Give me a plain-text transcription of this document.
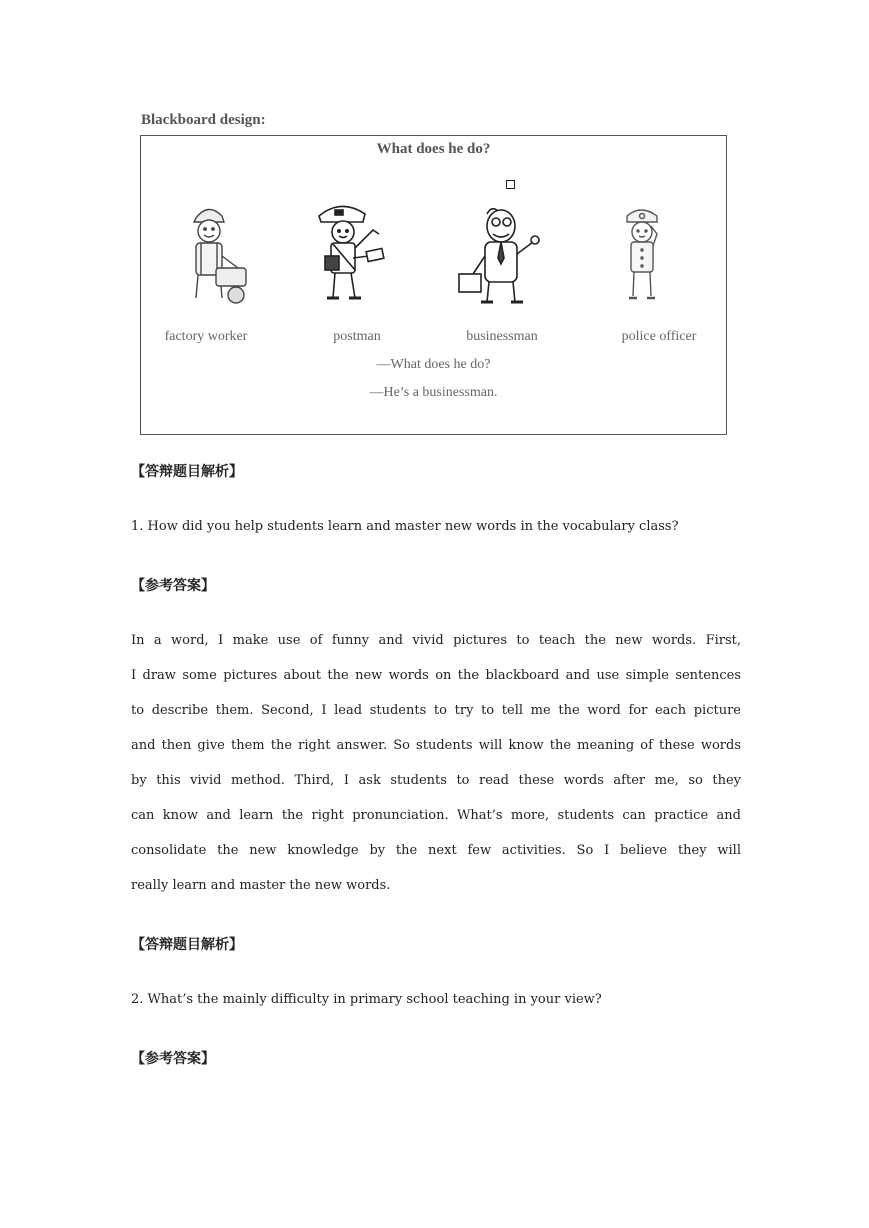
Blackboard design:
What does he do?
factory worker	postman	businessman	police officer
—What does he do?
—He’s a businessman.
【答辩题目解析】
1. How did you help students learn and master new words in the vocabulary class?
【参考答案】
In a word, I make use of funny and vivid pictures to teach the new words. First,
I draw some pictures about the new words on the blackboard and use simple sentences
to describe them. Second, I lead students to try to tell me the word for each picture
and then give them the right answer. So students will know the meaning of these words
by this vivid method. Third, I ask students to read these words after me, so they
can know and learn the right pronunciation. What’s more, students can practice and
consolidate the new knowledge by the next few activities. So I believe they will
really learn and master the new words.
【答辩题目解析】
2. What’s the mainly difficulty in primary school teaching in your view?
【参考答案】
